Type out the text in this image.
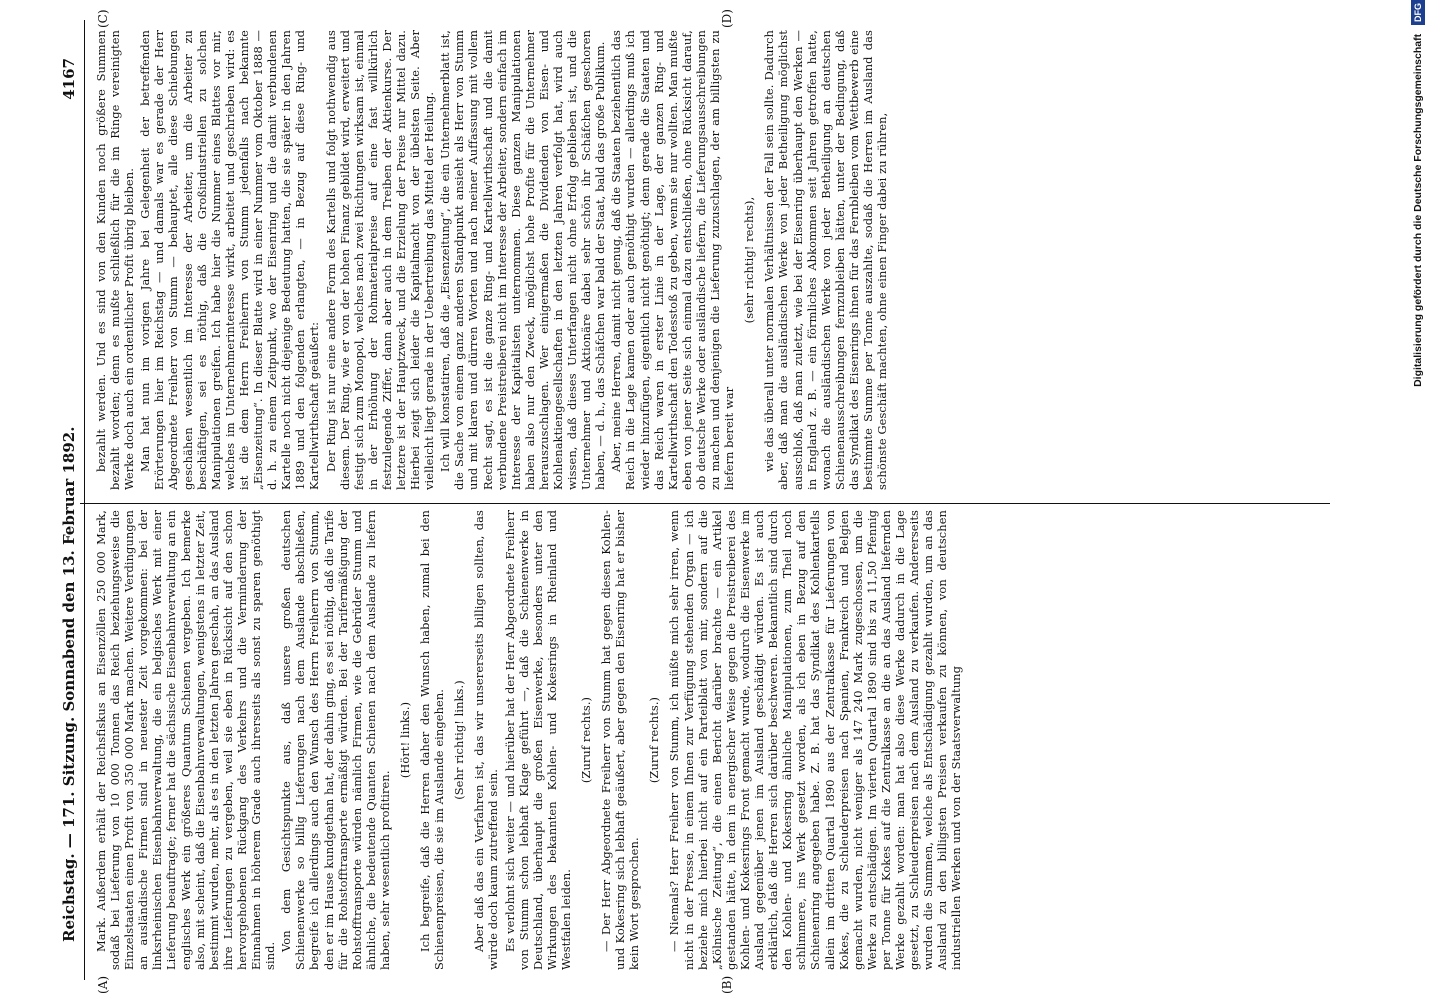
Reichstag. — 171. Sitzung. Sonnabend den 13. Februar 1892.
4167

Mark. Außerdem erhält der Reichsfiskus an Eisenzöllen 250 000 Mark, sodaß bei Lieferung von 10 000 Tonnen das Reich beziehungsweise die Einzelstaaten einen Profit von 350 000 Mark machen. Weitere Verdingungen an ausländische Firmen sind in neuester Zeit vorgekommen: bei der linksrheinischen Eisenbahnverwaltung, die ein belgisches Werk mit einer Lieferung beauftragte; ferner hat die sächsische Eisenbahnverwaltung an ein englisches Werk ein größeres Quantum Schienen vergeben. Ich bemerke also, mit scheint, daß die Eisenbahnverwaltungen, wenigstens in letzter Zeit, bestimmt wurden, mehr, als es in den letzten Jahren geschah, an das Ausland ihre Lieferungen zu vergeben, weil sie eben in Rücksicht auf den schon hervorgehobenen Rückgang des Verkehrs und die Verminderung der Einnahmen in höherem Grade auch ihrerseits als sonst zu sparen genöthigt sind.

Von dem Gesichtspunkte aus, daß unsere großen deutschen Schienenwerke so billig Lieferungen nach dem Auslande abschließen, begreife ich allerdings auch den Wunsch des Herrn Freiherrn von Stumm, den er im Hause kundgethan hat, der dahin ging, es sei nöthig, daß die Tarife für die Rohstofftransporte ermäßigt würden. Bei der Tarifermäßigung der Rohstofftransporte würden nämlich Firmen, wie die Gebrüder Stumm und ähnliche, die bedeutende Quanten Schienen nach dem Auslande zu liefern haben, sehr wesentlich profitiren.

(Hört! links.) Ich begreife, daß die Herren daher den Wunsch haben, zumal bei den Schienenpreisen, die sie im Auslande eingehen. (Sehr richtig! links.) Aber daß das ein Verfahren ist, das wir unsererseits billigen sollten, das würde doch kaum zutreffend sein. Es verlohnt sich weiter — und hierüber hat der Herr Abgeordnete Freiherr von Stumm schon lebhaft Klage geführt —, daß die Schienenwerke in Deutschland, überhaupt die großen Eisenwerke, besonders unter den Wirkungen des bekannten Kohlen- und Kokesrings in Rheinland und Westfalen leiden.

(Zuruf rechts.) — Der Herr Abgeordnete Freiherr von Stumm hat gegen diesen Kohlen- und Kokesring sich lebhaft geäußert, aber gegen den Eisenring hat er bisher kein Wort gesprochen.

(Zuruf rechts.) — Niemals? Herr Freiherr von Stumm, ich müßte mich sehr irren, wenn nicht in der Presse, in einem Ihnen zur Verfügung stehenden Organ — ich beziehe mich hierbei nicht auf ein Parteiblatt von mir, sondern auf die „Kölnische Zeitung“, die einen Bericht darüber brachte — ein Artikel gestanden hätte, in dem in energischer Weise gegen die Preistreiberei des Kohlen- und Kokesrings Front gemacht wurde, wodurch die Eisenwerke im Ausland gegenüber jenen im Ausland geschädigt würden. Es ist auch erklärlich, daß die Herren sich darüber beschweren. Bekanntlich sind durch den Kohlen- und Kokesring ähnliche Manipulationen, zum Theil noch schlimmere, ins Werk gesetzt worden, als ich eben in Bezug auf den Schienenring angegeben habe. Z. B. hat das Syndikat des Kohlenkartells allein im dritten Quartal 1890 aus der Zentralkasse für Lieferungen von Kokes, die zu Schleuderpreisen nach Spanien, Frankreich und Belgien gemacht wurden, nicht weniger als 147 240 Mark zugeschossen, um die Werke zu entschädigen. Im vierten Quartal 1890 sind bis zu 11,50 Pfennig per Tonne für Kokes auf die Zentralkasse an die an das Ausland liefernden Werke gezahlt worden: man hat also diese Werke dadurch in die Lage gesetzt, zu Schleuderpreisen nach dem Ausland zu verkaufen. Andererseits wurden die Summen, welche als Entschädigung gezahlt wurden, um an das Ausland zu den billigsten Preisen verkaufen zu können, von deutschen industriellen Werken und von der Staatsverwaltung

bezahlt werden. Und es sind von den Kunden noch größere Summen bezahlt worden; denn es mußte schließlich für die im Ringe vereinigten Werke doch auch ein ordentlicher Profit übrig bleiben. Man hat nun im vorigen Jahre bei Gelegenheit der betreffenden Erörterungen hier im Reichstag — und damals war es gerade der Herr Abgeordnete Freiherr von Stumm — behauptet, alle diese Schiebungen geschähen wesentlich im Interesse der Arbeiter, um die Arbeiter zu beschäftigen, sei es nöthig, daß die Großindustriellen zu solchen Manipulationen greifen. Ich habe hier die Nummer eines Blattes vor mir, welches im Unternehmerinteresse wirkt, arbeitet und geschrieben wird: es ist die dem Herrn Freiherrn von Stumm jedenfalls nach bekannte „Eisenzeitung“. In dieser Blatte wird in einer Nummer vom Oktober 1888 — d. h. zu einem Zeitpunkt, wo der Eisenring und die damit verbundenen Kartelle noch nicht diejenige Bedeutung hatten, die sie später in den Jahren 1889 und den folgenden erlangten, — in Bezug auf diese Ring- und Kartellwirthschaft geäußert: Der Ring ist nur eine andere Form des Kartells und folgt nothwendig aus diesem. Der Ring, wie er von der hohen Finanz gebildet wird, erweitert und festigt sich zum Monopol, welches nach zwei Richtungen wirksam ist, einmal in der Erhöhung der Rohmaterialpreise auf eine fast willkürlich festzulegende Ziffer, dann aber auch in dem Treiben der Aktienkurse. Der letztere ist der Hauptzweck, und die Erzielung der Preise nur Mittel dazu. Hierbei zeigt sich leider die Kapitalmacht von der übelsten Seite. Aber vielleicht liegt gerade in der Uebertreibung das Mittel der Heilung. Ich will konstatiren, daß die „Eisenzeitung“, die ein Unternehmerblatt ist, die Sache von einem ganz anderen Standpunkt ansieht als Herr von Stumm und mit klaren und dürren Worten und nach meiner Auffassung mit vollem Recht sagt, es ist die ganze Ring- und Kartellwirthschaft und die damit verbundene Preistreiberei nicht im Interesse der Arbeiter, sondern einfach im Interesse der Kapitalisten unternommen. Diese ganzen Manipulationen haben also nur den Zweck, möglichst hohe Profite für die Unternehmer herauszuschlagen. Wer einigermaßen die Dividenden von Eisen- und Kohlenaktiengesellschaften in den letzten Jahren verfolgt hat, wird auch wissen, daß dieses Unterfangen nicht ohne Erfolg geblieben ist, und die Unternehmer und Aktionäre dabei sehr schön ihr Schäfchen geschoren haben, — d. h., das Schäfchen war bald der Staat, bald das große Publikum. Aber, meine Herren, damit nicht genug, daß die Staaten beziehentlich das Reich in die Lage kamen oder auch genöthigt wurden — allerdings muß ich wieder hinzufügen, eigentlich nicht genöthigt; denn gerade die Staaten und das Reich waren in erster Linie in der Lage, der ganzen Ring- und Kartellwirthschaft den Todesstoß zu geben, wenn sie nur wollten. Man mußte eben von jener Seite sich einmal dazu entschließen, ohne Rücksicht darauf, ob deutsche Werke oder ausländische liefern, die Lieferungsausschreibungen zu machen und denjenigen die Lieferung zuzuschlagen, der am billigsten zu liefern bereit war

(sehr richtig! rechts), wie das überall unter normalen Verhältnissen der Fall sein sollte. Dadurch aber, daß man die ausländischen Werke von jeder Betheiligung möglichst ausschloß, daß man zuletzt, wie bei der Eisenring überhaupt den Werken — in England z. B. — ein förmliches Abkommen seit Jahren getroffen hatte, wonach die ausländischen Werke von jeder Betheiligung an deutschen Schienenausschreibungen fernzubleiben hätten, unter der Bedingung, daß das Syndikat des Eisenrings ihnen für das Fernbleiben vom Wettbewerb eine bestimmte Summe per Tonne auszahlte, sodaß die Herren im Ausland das schönste Geschäft machten, ohne einen Finger dabei zu rühren,

(A)	(B)
(C)	(D)
Digitalisierung gefördert durch die Deutsche Forschungsgemeinschaft DFG
